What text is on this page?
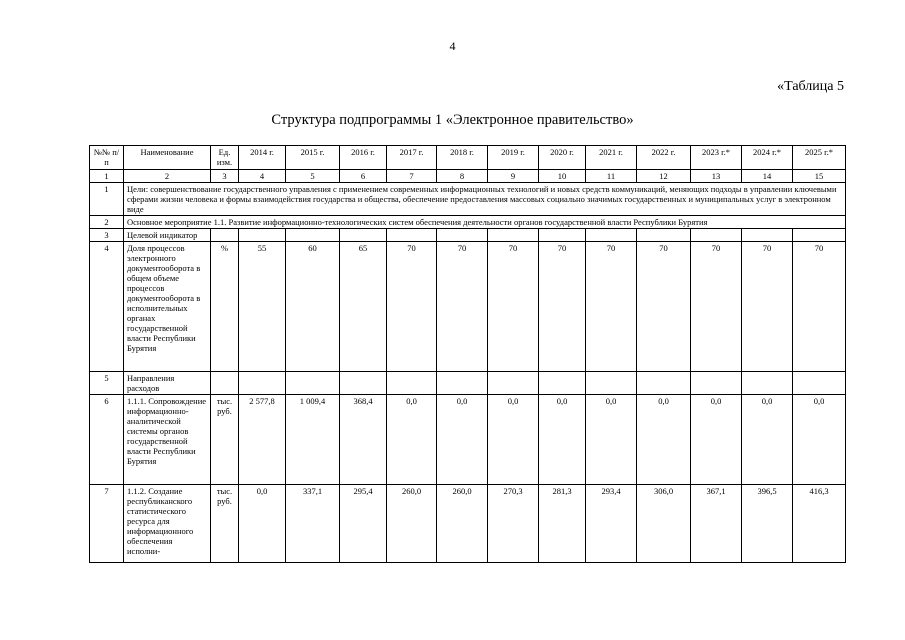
4
«Таблица 5
Структура подпрограммы 1 «Электронное правительство»
№№ п/п	Наименование	Ед. изм.	2014 г.	2015 г.	2016 г.	2017 г.	2018 г.	2019 г.	2020 г.	2021 г.	2022 г.	2023 г.*	2024 г.*	2025 г.*
1	2	3	4	5	6	7	8	9	10	11	12	13	14	15
1	Цели: совершенствование государственного управления с применением современных информационных технологий и новых средств коммуникаций, меняющих подходы в управлении ключевыми сферами жизни человека и формы взаимодействия государства и общества, обеспечение предоставления массовых социально значимых государственных и муниципальных услуг в электронном виде													
2	Основное мероприятие 1.1. Развитие информационно-технологических систем обеспечения деятельности органов государственной власти Республики Бурятия													
3	Целевой индикатор													
4	Доля процессов электронного документооборота в общем объеме процессов документооборота в исполнительных органах государственной власти Республики Бурятия	%	55	60	65	70	70	70	70	70	70	70	70	70
5	Направления расходов													
6	1.1.1. Сопровождение информационно-аналитической системы органов государственной власти Республики Бурятия	тыс. руб.	2 577,8	1 009,4	368,4	0,0	0,0	0,0	0,0	0,0	0,0	0,0	0,0	0,0
7	1.1.2. Создание республиканского статистического ресурса для информационного обеспечения исполни-	тыс. руб.	0,0	337,1	295,4	260,0	260,0	270,3	281,3	293,4	306,0	367,1	396,5	416,3
